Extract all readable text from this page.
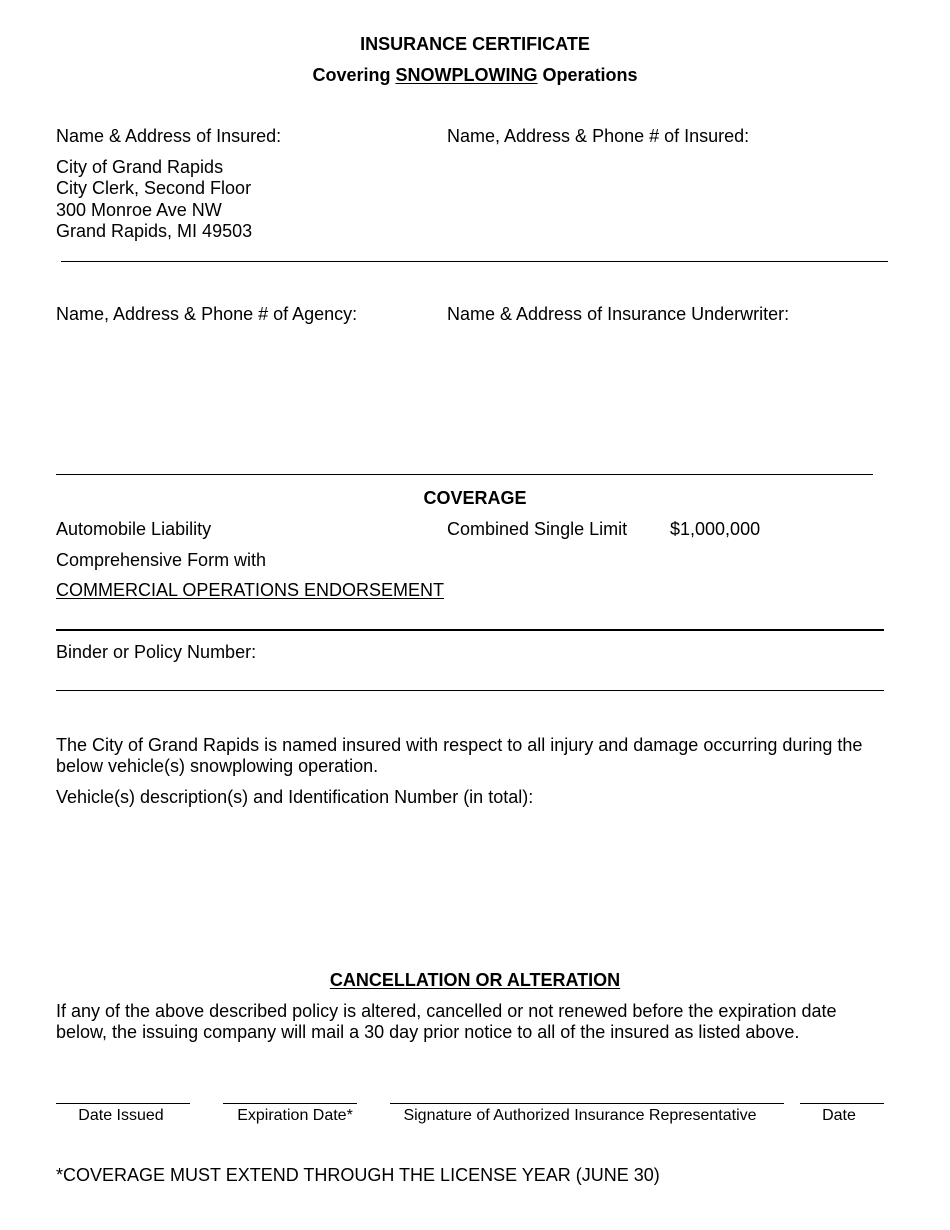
INSURANCE CERTIFICATE
Covering SNOWPLOWING Operations
Name & Address of Insured:	Name, Address & Phone # of Insured:
City of Grand Rapids
City Clerk, Second Floor
300 Monroe Ave NW
Grand Rapids, MI 49503
Name, Address & Phone # of Agency:	Name & Address of Insurance Underwriter:
COVERAGE
Automobile Liability	Combined Single Limit $1,000,000
Comprehensive Form with
COMMERCIAL OPERATIONS ENDORSEMENT
Binder or Policy Number:
The City of Grand Rapids is named insured with respect to all injury and damage occurring during the below vehicle(s) snowplowing operation.
Vehicle(s) description(s) and Identification Number (in total):
CANCELLATION OR ALTERATION
If any of the above described policy is altered, cancelled or not renewed before the expiration date below, the issuing company will mail a 30 day prior notice to all of the insured as listed above.
Date Issued	Expiration Date*	Signature of Authorized Insurance Representative	Date
*COVERAGE MUST EXTEND THROUGH THE LICENSE YEAR (JUNE 30)
